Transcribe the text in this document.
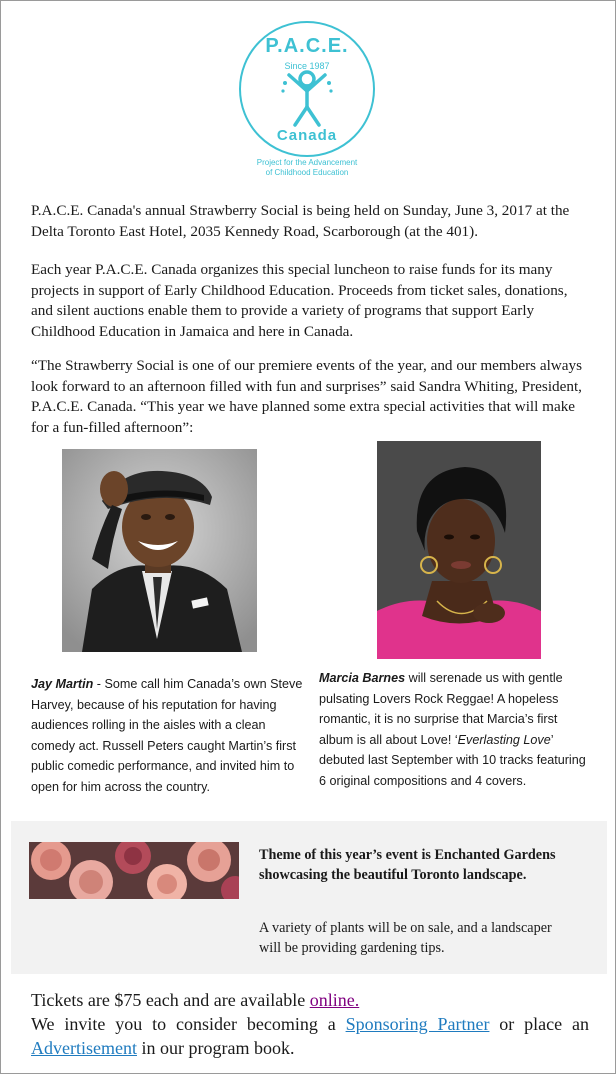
P.A.C.E.
Since 1987
Canada
Project for the Advancement
of Childhood Education

P.A.C.E. Canada's annual Strawberry Social is being held on Sunday, June 3, 2017 at the Delta Toronto East Hotel, 2035 Kennedy Road, Scarborough (at the 401).

Each year P.A.C.E. Canada organizes this special luncheon to raise funds for its many projects in support of Early Childhood Education. Proceeds from ticket sales, donations, and silent auctions enable them to provide a variety of programs that support Early Childhood Education in Jamaica and here in Canada.

“The Strawberry Social is one of our premiere events of the year, and our members always look forward to an afternoon filled with fun and surprises” said Sandra Whiting, President, P.A.C.E. Canada. “This year we have planned some extra special activities that will make for a fun-filled afternoon”:

Jay Martin - Some call him Canada’s own Steve Harvey, because of his reputation for having audiences rolling in the aisles with a clean comedy act. Russell Peters caught Martin’s first public comedic performance, and invited him to open for him across the country.

Marcia Barnes will serenade us with gentle pulsating Lovers Rock Reggae! A hopeless romantic, it is no surprise that Marcia’s first album is all about Love! ‘Everlasting Love’ debuted last September with 10 tracks featuring 6 original compositions and 4 covers.

Theme of this year’s event is Enchanted Gardens showcasing the beautiful Toronto landscape.

A variety of plants will be on sale, and a landscaper will be providing gardening tips.

Tickets are $75 each and are available online.
We invite you to consider becoming a Sponsoring Partner or place an Advertisement in our program book.
